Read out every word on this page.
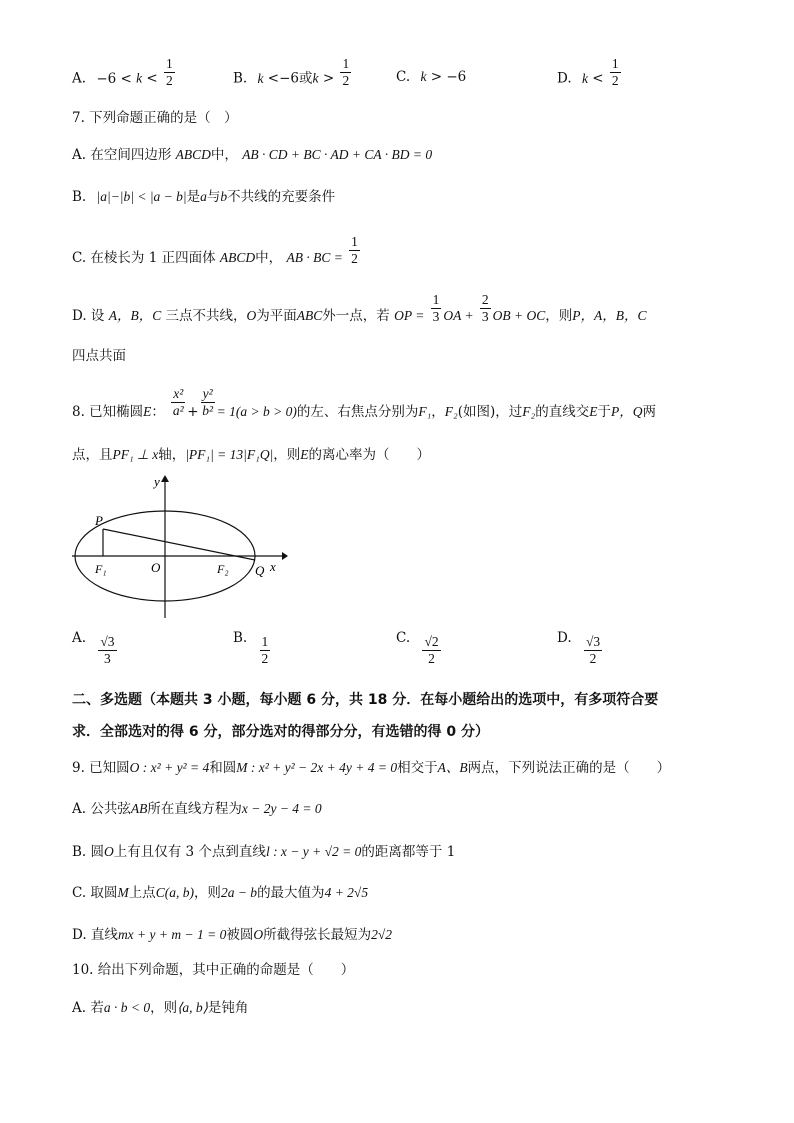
A. $-6 < k < \frac{1}{2}$	B. k <−6或$k > \frac{1}{2}$	C. k > −6	D. $k < \frac{1}{2}$
7. 下列命题正确的是（　）
A. 在空间四边形 ABCD中， AB · CD + BC · AD + CA · BD = 0
B. |a|−|b| < |a − b|是a与b不共线的充要条件
C. 在棱长为 1 正四面体 ABCD中， AB · BC = $\frac{1}{2}$
D. 设 A，B，C 三点不共线，O为平面ABC外一点，若 OP = $\frac{1}{3}$ OA + $\frac{2}{3}$ OB + OC，则P，A，B，C
四点共面
8. 已知椭圆E： $\frac{\text{x²}}{\text{a²}} + \frac{\text{y²}}{\text{b²}} = 1(a > b > 0)$的左、右焦点分别为F₁，F₂(如图)，过F₂的直线交E于P，Q两
点，且PF₁ ⊥ x轴，|PF₁| = 13|F₁Q|，则E的离心率为（　　）
P
O
F₁	F₂ Q x
y
A. $\frac{√3}{3}$	B. $\frac{1}{2}$	C. $\frac{√2}{2}$	D. $\frac{√3}{2}$
二、多选题（本题共 3 小题，每小题 6 分，共 18 分．在每小题给出的选项中，有多项符合要
求．全部选对的得 6 分，部分选对的得部分分，有选错的得 0 分）
9. 已知圆O : x² + y² = 4和圆M : x² + y² − 2x + 4y + 4 = 0相交于A、B两点，下列说法正确的是（　　）
A. 公共弦AB所在直线方程为x − 2y − 4 = 0
B. 圆O上有且仅有 3 个点到直线l : x − y + √2 = 0的距离都等于 1
C. 取圆M上点C(a, b)，则2a − b的最大值为4 + 2√5
D. 直线mx + y + m − 1 = 0被圆O所截得弦长最短为2√2
10. 给出下列命题，其中正确的命题是（　　）
A. 若a · b < 0，则⟨a, b⟩是钝角
